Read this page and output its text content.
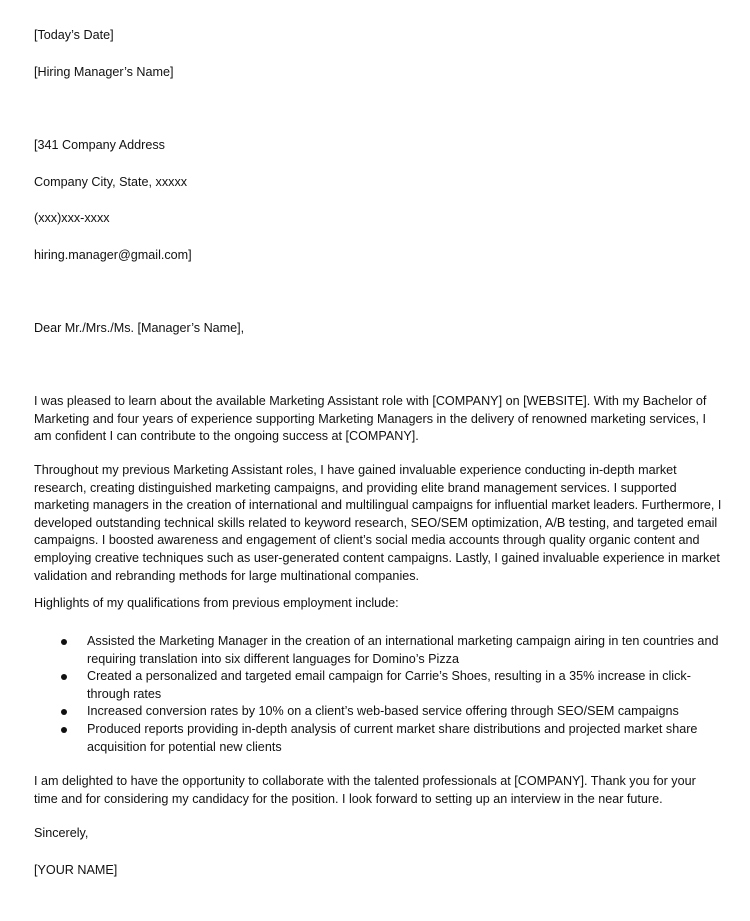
[Today’s Date]
[Hiring Manager’s Name]
[341 Company Address
Company City, State, xxxxx
(xxx)xxx-xxxx
hiring.manager@gmail.com]
Dear Mr./Mrs./Ms. [Manager’s Name],
I was pleased to learn about the available Marketing Assistant role with [COMPANY] on [WEBSITE]. With my Bachelor of Marketing and four years of experience supporting Marketing Managers in the delivery of renowned marketing services, I am confident I can contribute to the ongoing success at [COMPANY].
Throughout my previous Marketing Assistant roles, I have gained invaluable experience conducting in-depth market research, creating distinguished marketing campaigns, and providing elite brand management services. I supported marketing managers in the creation of international and multilingual campaigns for influential market leaders. Furthermore, I developed outstanding technical skills related to keyword research, SEO/SEM optimization, A/B testing, and targeted email campaigns. I boosted awareness and engagement of client’s social media accounts through quality organic content and employing creative techniques such as user-generated content campaigns. Lastly, I gained invaluable experience in market validation and rebranding methods for large multinational companies.
Highlights of my qualifications from previous employment include:
Assisted the Marketing Manager in the creation of an international marketing campaign airing in ten countries and requiring translation into six different languages for Domino’s Pizza
Created a personalized and targeted email campaign for Carrie’s Shoes, resulting in a 35% increase in click-through rates
Increased conversion rates by 10% on a client’s web-based service offering through SEO/SEM campaigns
Produced reports providing in-depth analysis of current market share distributions and projected market share acquisition for potential new clients
I am delighted to have the opportunity to collaborate with the talented professionals at [COMPANY]. Thank you for your time and for considering my candidacy for the position. I look forward to setting up an interview in the near future.
Sincerely,
[YOUR NAME]
